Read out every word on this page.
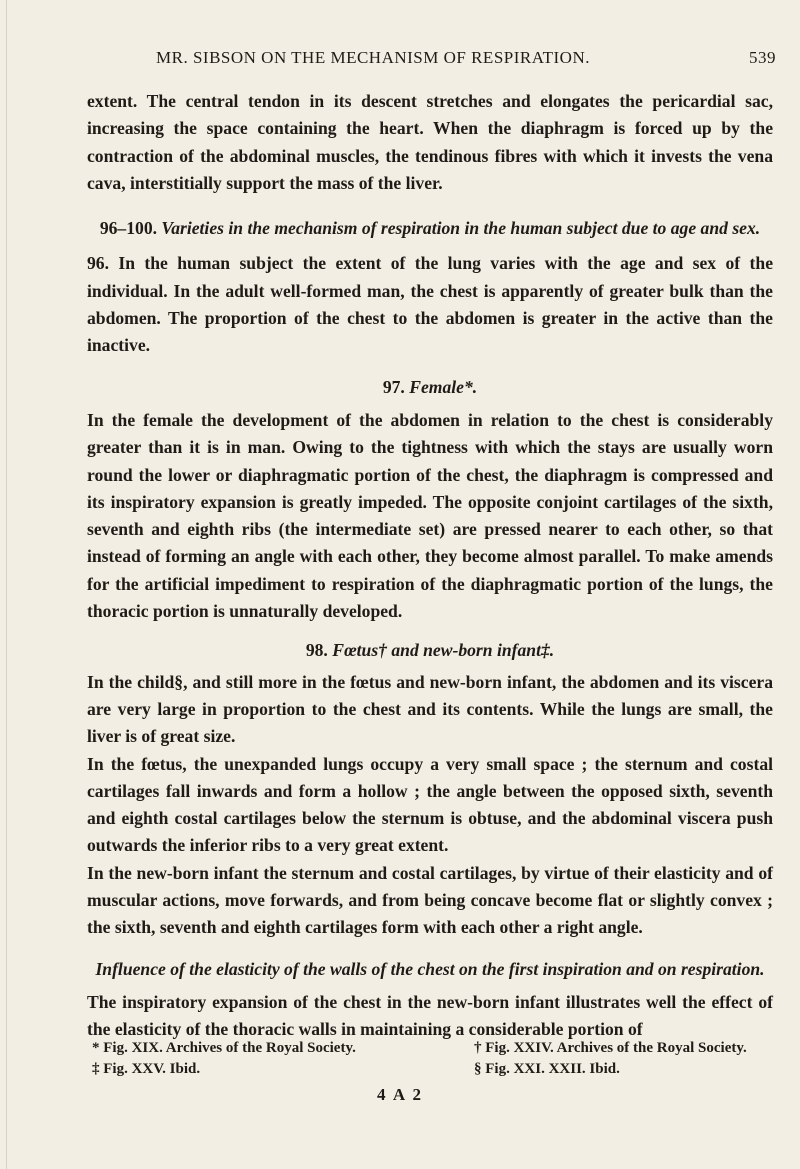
MR. SIBSON ON THE MECHANISM OF RESPIRATION.	539

extent. The central tendon in its descent stretches and elongates the pericardial sac, increasing the space containing the heart. When the diaphragm is forced up by the contraction of the abdominal muscles, the tendinous fibres with which it invests the vena cava, interstitially support the mass of the liver.

96–100. Varieties in the mechanism of respiration in the human subject due to age and sex.

96. In the human subject the extent of the lung varies with the age and sex of the individual. In the adult well-formed man, the chest is apparently of greater bulk than the abdomen. The proportion of the chest to the abdomen is greater in the active than the inactive.

97. Female*.

In the female the development of the abdomen in relation to the chest is considerably greater than it is in man. Owing to the tightness with which the stays are usually worn round the lower or diaphragmatic portion of the chest, the diaphragm is compressed and its inspiratory expansion is greatly impeded. The opposite conjoint cartilages of the sixth, seventh and eighth ribs (the intermediate set) are pressed nearer to each other, so that instead of forming an angle with each other, they become almost parallel. To make amends for the artificial impediment to respiration of the diaphragmatic portion of the lungs, the thoracic portion is unnaturally developed.

98. Fœtus† and new-born infant‡.

In the child§, and still more in the fœtus and new-born infant, the abdomen and its viscera are very large in proportion to the chest and its contents. While the lungs are small, the liver is of great size.

In the fœtus, the unexpanded lungs occupy a very small space ; the sternum and costal cartilages fall inwards and form a hollow ; the angle between the opposed sixth, seventh and eighth costal cartilages below the sternum is obtuse, and the abdominal viscera push outwards the inferior ribs to a very great extent.

In the new-born infant the sternum and costal cartilages, by virtue of their elasticity and of muscular actions, move forwards, and from being concave become flat or slightly convex ; the sixth, seventh and eighth cartilages form with each other a right angle.

Influence of the elasticity of the walls of the chest on the first inspiration and on respiration.

The inspiratory expansion of the chest in the new-born infant illustrates well the effect of the elasticity of the thoracic walls in maintaining a considerable portion of

* Fig. XIX. Archives of the Royal Society.	† Fig. XXIV. Archives of the Royal Society.
‡ Fig. XXV. Ibid.	§ Fig. XXI. XXII. Ibid.
4 A 2
